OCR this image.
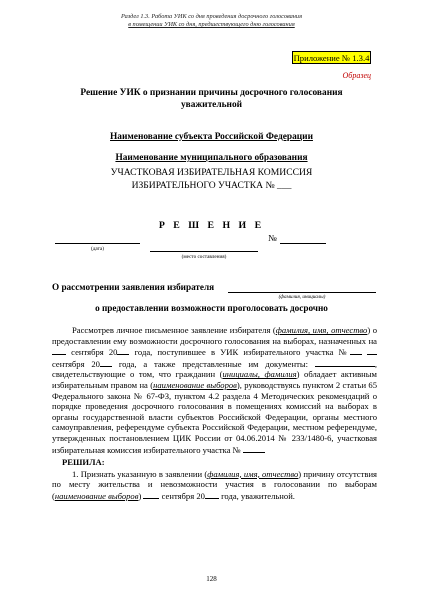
Раздел 1.3. Работа УИК со дня проведения досрочного голосования
в помещении УИК со дня, предшествующего дню голосования
Приложение № 1.3.4
Образец
Решение УИК о признании причины досрочного голосования уважительной
Наименование субъекта Российской Федерации
Наименование муниципального образования
УЧАСТКОВАЯ ИЗБИРАТЕЛЬНАЯ КОМИССИЯ
ИЗБИРАТЕЛЬНОГО УЧАСТКА № ___
Р Е Ш Е Н И Е
(дата)
(место составления)
№
О рассмотрении заявления избирателя
(фамилия, инициалы)
о предоставлении возможности проголосовать досрочно

Рассмотрев личное письменное заявление избирателя (фамилия, имя, отчество) о предоставлении ему возможности досрочного голосования на выборах, назначенных на  сентября 20 года, поступившее в УИК избирательного участка №  сентября 20 года, а также представленные им документы:	, свидетельствующие о том, что гражданин (инициалы, фамилия) обладает активным избирательным правом на (наименование выборов), руководствуясь пунктом 2 статьи 65 Федерального закона № 67-ФЗ, пунктом 4.2 раздела 4 Методических рекомендаций о порядке проведения досрочного голосования в помещениях комиссий на выборах в органы государственной власти субъектов Российской Федерации, органы местного самоуправления, референдуме субъекта Российской Федерации, местном референдуме, утвержденных постановлением ЦИК России от 04.06.2014 № 233/1480-6, участковая избирательная комиссия избирательного участка №

РЕШИЛА:

1. Признать указанную в заявлении (фамилия, имя, отчество) причину отсутствия по месту жительства и невозможности участия в голосовании по выборам (наименование выборов)  сентября 20 года, уважительной.

128
